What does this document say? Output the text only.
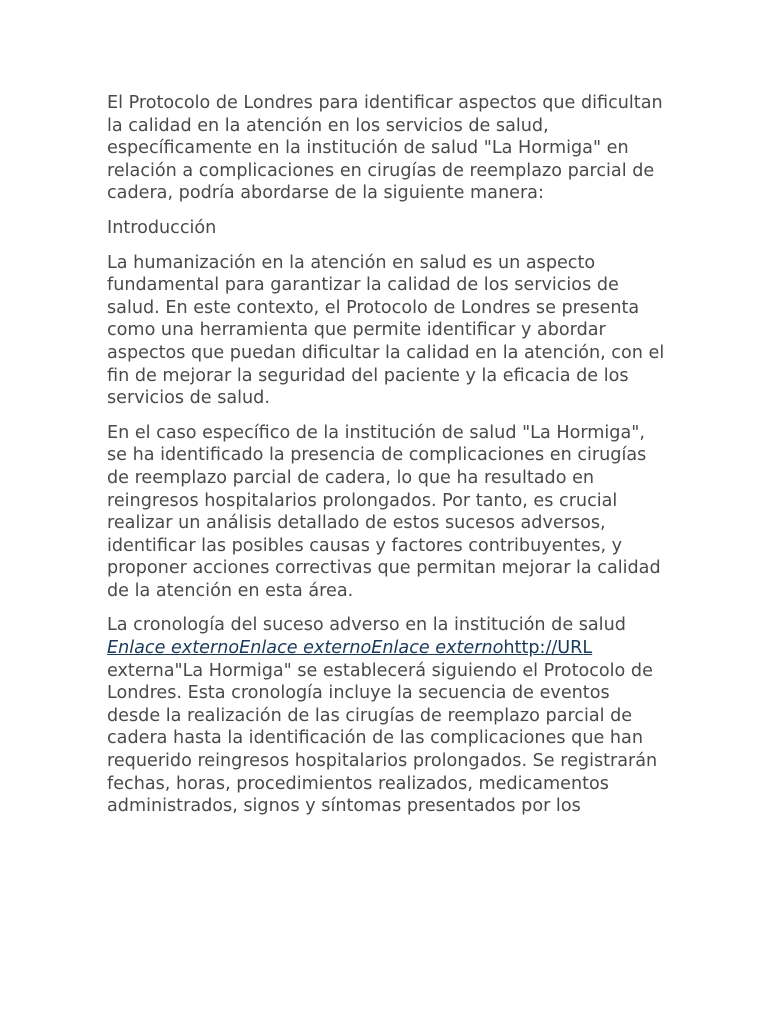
El Protocolo de Londres para identificar aspectos que dificultan la calidad en la atención en los servicios de salud, específicamente en la institución de salud "La Hormiga" en relación a complicaciones en cirugías de reemplazo parcial de cadera, podría abordarse de la siguiente manera:

Introducción

La humanización en la atención en salud es un aspecto fundamental para garantizar la calidad de los servicios de salud. En este contexto, el Protocolo de Londres se presenta como una herramienta que permite identificar y abordar aspectos que puedan dificultar la calidad en la atención, con el fin de mejorar la seguridad del paciente y la eficacia de los servicios de salud.

En el caso específico de la institución de salud "La Hormiga", se ha identificado la presencia de complicaciones en cirugías de reemplazo parcial de cadera, lo que ha resultado en reingresos hospitalarios prolongados. Por tanto, es crucial realizar un análisis detallado de estos sucesos adversos, identificar las posibles causas y factores contribuyentes, y proponer acciones correctivas que permitan mejorar la calidad de la atención en esta área.

La cronología del suceso adverso en la institución de salud Enlace externoEnlace externoEnlace externohttp://URL externa"La Hormiga" se establecerá siguiendo el Protocolo de Londres. Esta cronología incluye la secuencia de eventos desde la realización de las cirugías de reemplazo parcial de cadera hasta la identificación de las complicaciones que han requerido reingresos hospitalarios prolongados. Se registrarán fechas, horas, procedimientos realizados, medicamentos administrados, signos y síntomas presentados por los
